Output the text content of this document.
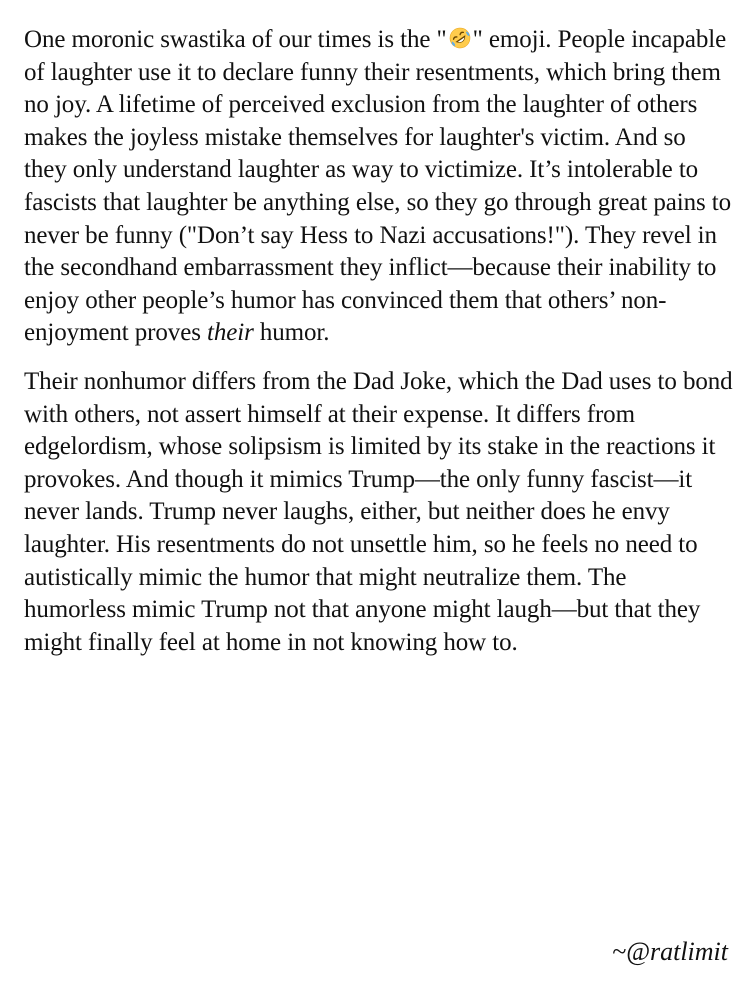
One moronic swastika of our times is the " " emoji. People incapable of laughter use it to declare funny their resentments, which bring them no joy. A lifetime of perceived exclusion from the laughter of others makes the joyless mistake themselves for laughter's victim. And so they only understand laughter as way to victimize. It’s intolerable to fascists that laughter be anything else, so they go through great pains to never be funny ("Don’t say Hess to Nazi accusations!"). They revel in the secondhand embarrassment they inflict—because their inability to enjoy other people’s humor has convinced them that others’ non-enjoyment proves their humor.

Their nonhumor differs from the Dad Joke, which the Dad uses to bond with others, not assert himself at their expense. It differs from edgelordism, whose solipsism is limited by its stake in the reactions it provokes. And though it mimics Trump—the only funny fascist—it never lands. Trump never laughs, either, but neither does he envy laughter. His resentments do not unsettle him, so he feels no need to autistically mimic the humor that might neutralize them. The humorless mimic Trump not that anyone might laugh—but that they might finally feel at home in not knowing how to.

~@ratlimit
